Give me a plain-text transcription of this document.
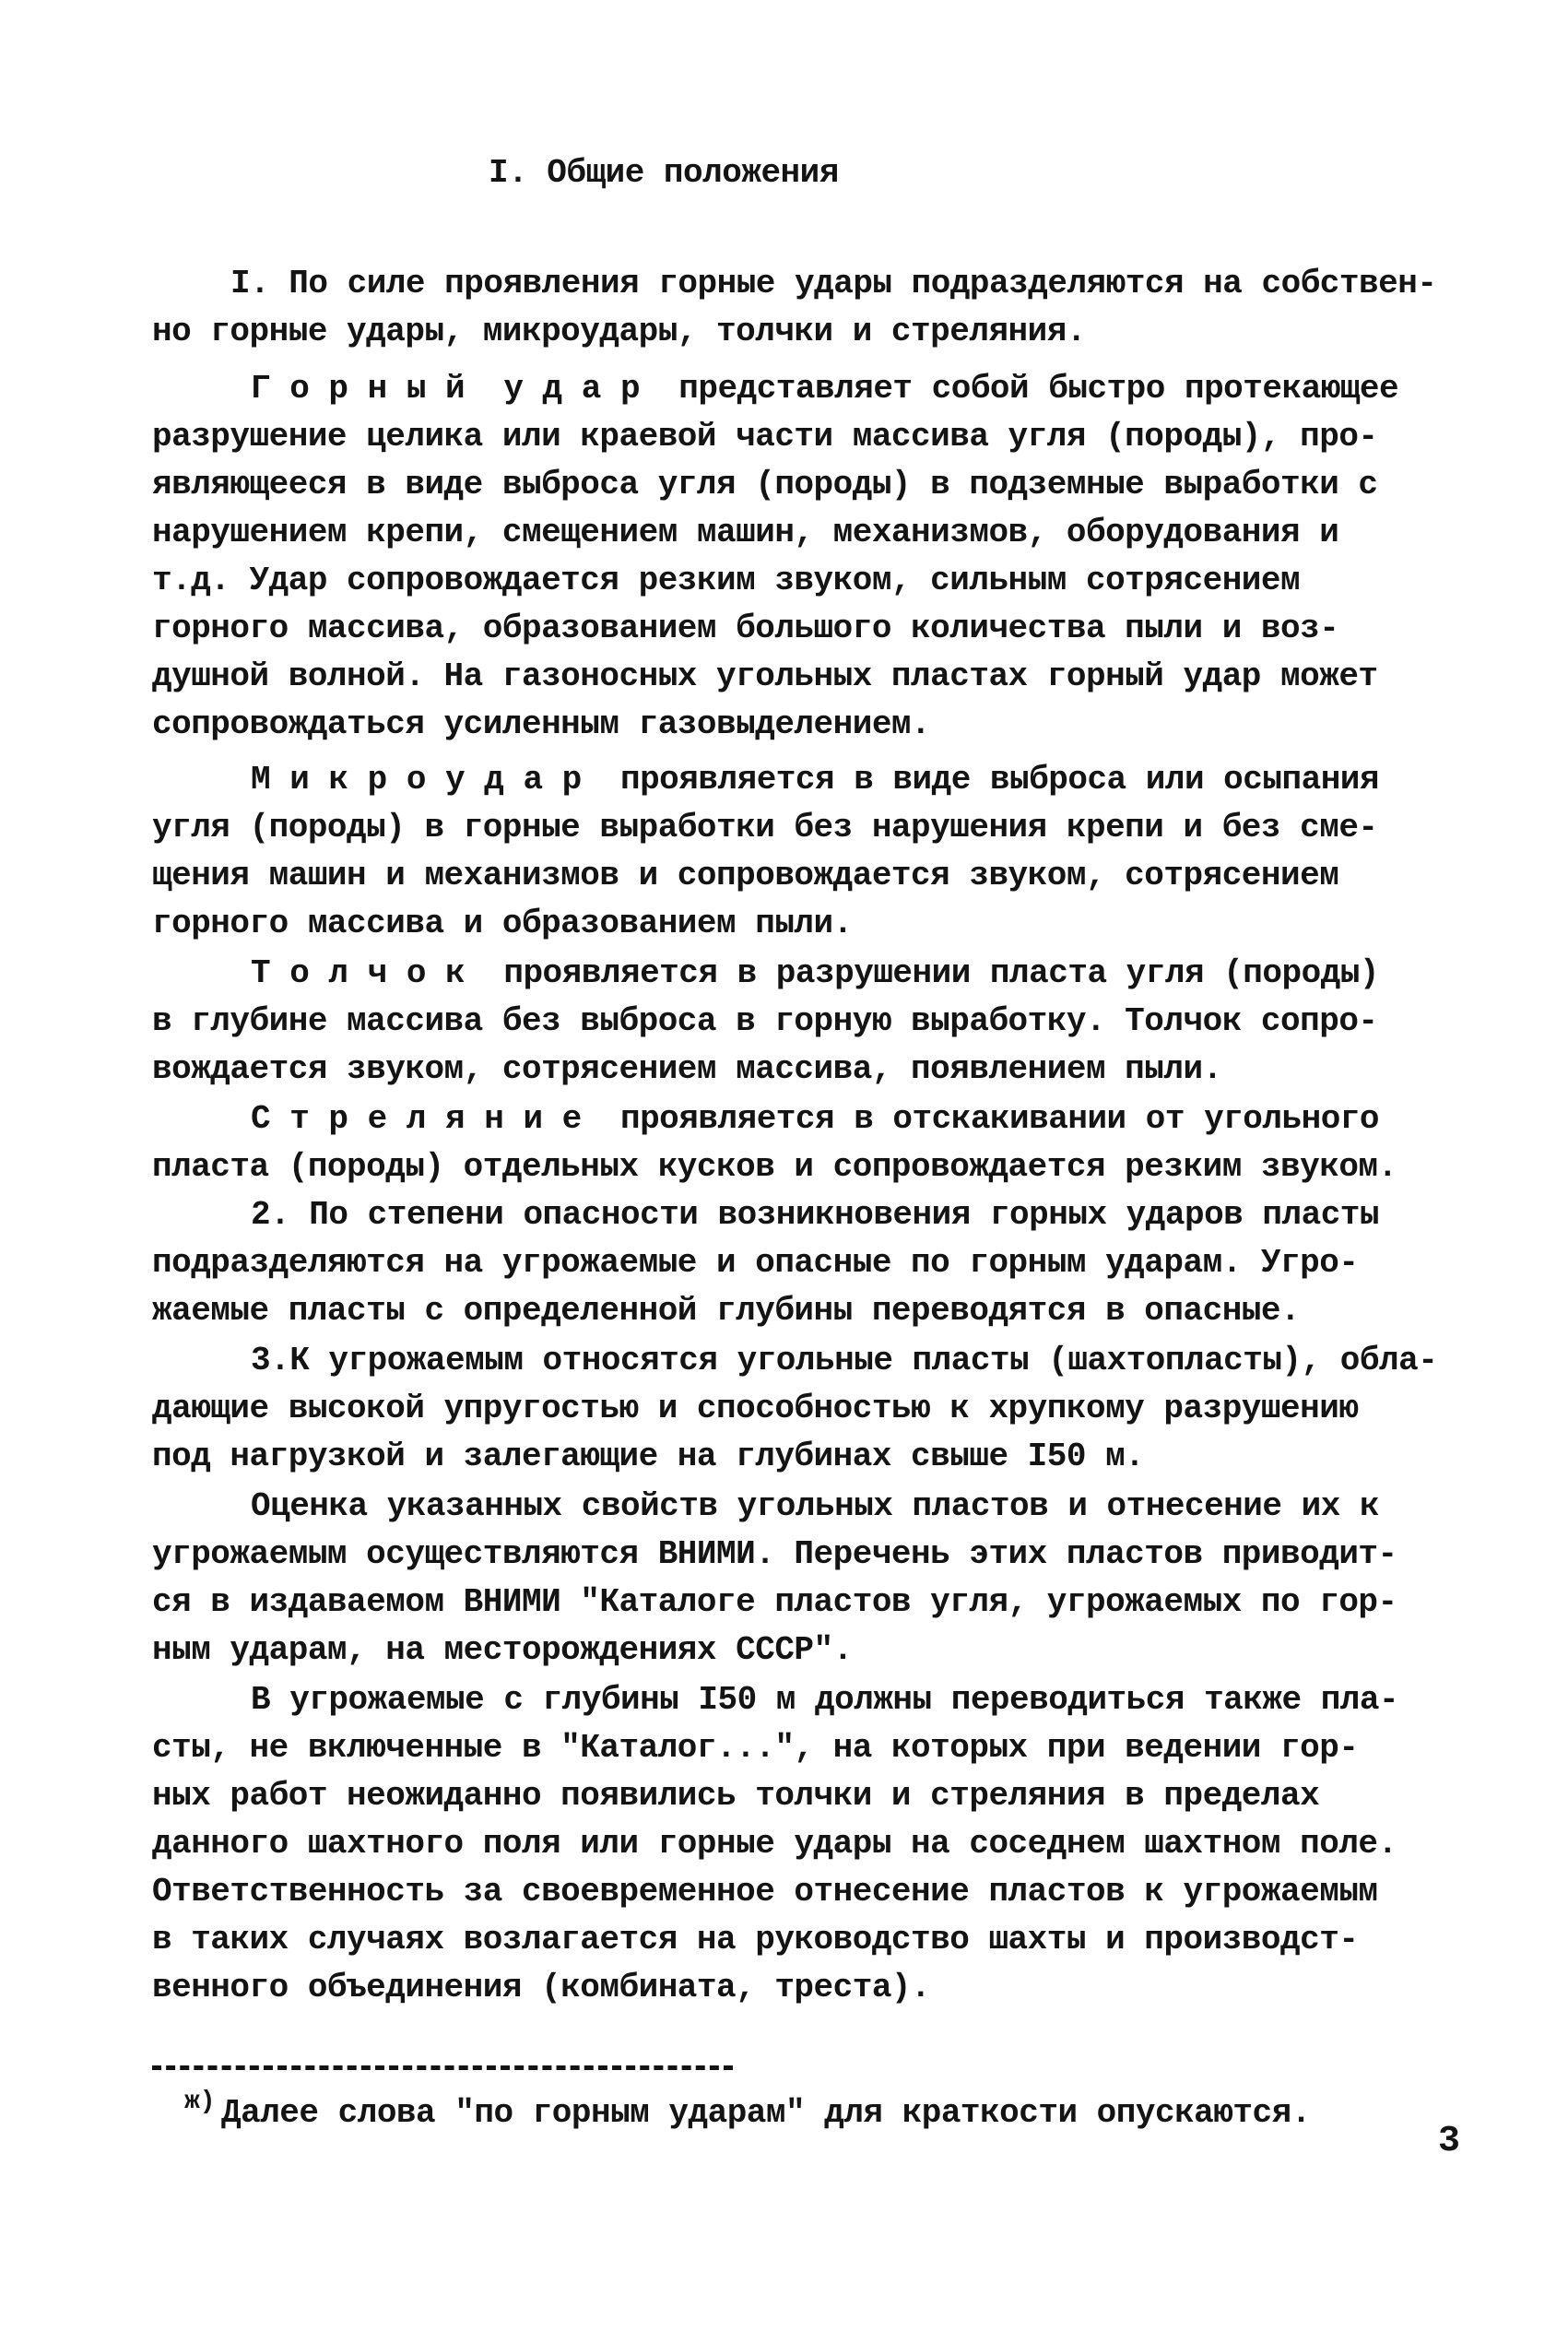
I. Общие положения
I. По силе проявления горные удары подразделяются на собствен-
но горные удары, микроудары, толчки и стреляния.
Г о р н ы й  у д а р  представляет собой быстро протекающее
разрушение целика или краевой части массива угля (породы), про-
являющееся в виде выброса угля (породы) в подземные выработки с
нарушением крепи, смещением машин, механизмов, оборудования и
т.д. Удар сопровождается резким звуком, сильным сотрясением
горного массива, образованием большого количества пыли и воз-
душной волной. На газоносных угольных пластах горный удар может
сопровождаться усиленным газовыделением.
М и к р о у д а р  проявляется в виде выброса или осыпания
угля (породы) в горные выработки без нарушения крепи и без сме-
щения машин и механизмов и сопровождается звуком, сотрясением
горного массива и образованием пыли.
Т о л ч о к  проявляется в разрушении пласта угля (породы)
в глубине массива без выброса в горную выработку. Толчок сопро-
вождается звуком, сотрясением массива, появлением пыли.
С т р е л я н и е  проявляется в отскакивании от угольного
пласта (породы) отдельных кусков и сопровождается резким звуком.
2. По степени опасности возникновения горных ударов пласты
подразделяются на угрожаемые и опасные по горным ударам. Угро-
жаемые пласты с определенной глубины переводятся в опасные.
3.К угрожаемым относятся угольные пласты (шахтопласты), обла-
дающие высокой упругостью и способностью к хрупкому разрушению
под нагрузкой и залегающие на глубинах свыше I50 м.
Оценка указанных свойств угольных пластов и отнесение их к
угрожаемым осуществляются ВНИМИ. Перечень этих пластов приводит-
ся в издаваемом ВНИМИ "Каталоге пластов угля, угрожаемых по гор-
ным ударам, на месторождениях СССР".
В угрожаемые с глубины I50 м должны переводиться также пла-
сты, не включенные в "Каталог...", на которых при ведении гор-
ных работ неожиданно появились толчки и стреляния в пределах
данного шахтного поля или горные удары на соседнем шахтном поле.
Ответственность за своевременное отнесение пластов к угрожаемым
в таких случаях возлагается на руководство шахты и производст-
венного объединения (комбината, треста).
ж) Далее слова "по горным ударам" для краткости опускаются.
3
